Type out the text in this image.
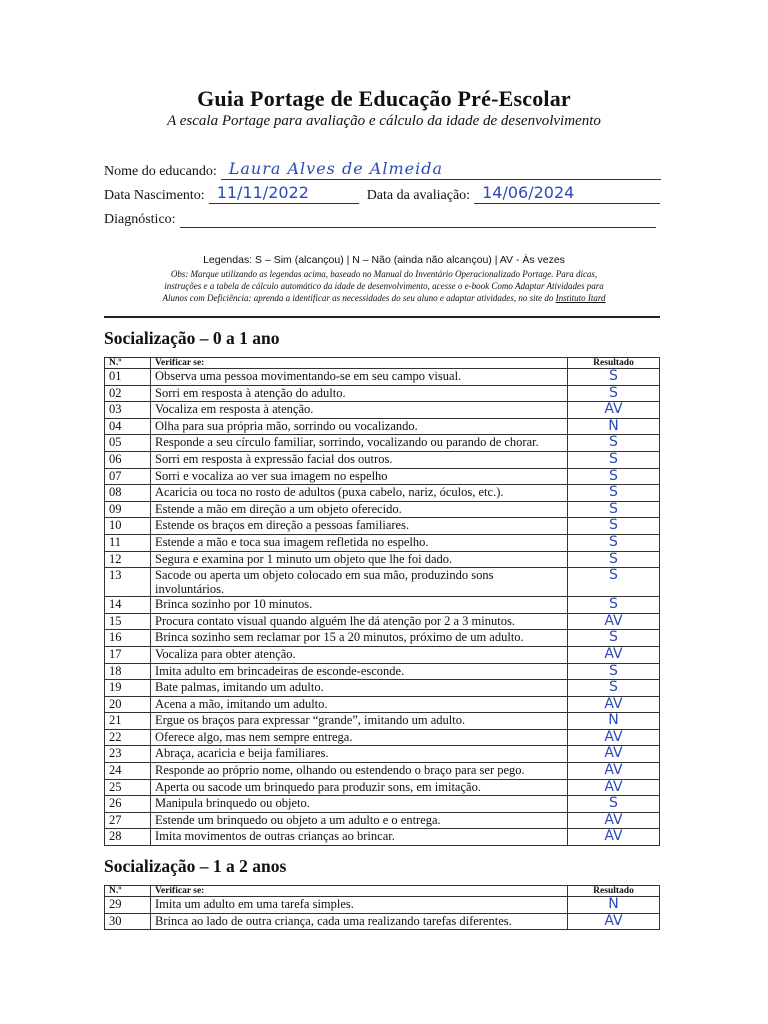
Guia Portage de Educação Pré-Escolar
A escala Portage para avaliação e cálculo da idade de desenvolvimento
Nome do educando: Laura Alves de Almeida
Data Nascimento: 11/11/2022	Data da avaliação: 14/06/2024
Diagnóstico:
Legendas: S – Sim (alcançou) | N – Não (ainda não alcançou) | AV - Às vezes
Obs: Marque utilizando as legendas acima, baseado no Manual do Inventário Operacionalizado Portage. Para dicas,
instruções e a tabela de cálculo automático da idade de desenvolvimento, acesse o e-book Como Adaptar Atividades para
Alunos com Deficiência: aprenda a identificar as necessidades do seu aluno e adaptar atividades, no site do Instituto Itard
Socialização – 0 a 1 ano
N.º	Verificar se:	Resultado
01	Observa uma pessoa movimentando-se em seu campo visual.	S
02	Sorri em resposta à atenção do adulto.	S
03	Vocaliza em resposta à atenção.	AV
04	Olha para sua própria mão, sorrindo ou vocalizando.	N
05	Responde a seu círculo familiar, sorrindo, vocalizando ou parando de chorar.	S
06	Sorri em resposta à expressão facial dos outros.	S
07	Sorri e vocaliza ao ver sua imagem no espelho	S
08	Acaricia ou toca no rosto de adultos (puxa cabelo, nariz, óculos, etc.).	S
09	Estende a mão em direção a um objeto oferecido.	S
10	Estende os braços em direção a pessoas familiares.	S
11	Estende a mão e toca sua imagem refletida no espelho.	S
12	Segura e examina por 1 minuto um objeto que lhe foi dado.	S
13	Sacode ou aperta um objeto colocado em sua mão, produzindo sons involuntários.	S
14	Brinca sozinho por 10 minutos.	S
15	Procura contato visual quando alguém lhe dá atenção por 2 a 3 minutos.	AV
16	Brinca sozinho sem reclamar por 15 a 20 minutos, próximo de um adulto.	S
17	Vocaliza para obter atenção.	AV
18	Imita adulto em brincadeiras de esconde-esconde.	S
19	Bate palmas, imitando um adulto.	S
20	Acena a mão, imitando um adulto.	AV
21	Ergue os braços para expressar “grande”, imitando um adulto.	N
22	Oferece algo, mas nem sempre entrega.	AV
23	Abraça, acaricia e beija familiares.	AV
24	Responde ao próprio nome, olhando ou estendendo o braço para ser pego.	AV
25	Aperta ou sacode um brinquedo para produzir sons, em imitação.	AV
26	Manipula brinquedo ou objeto.	S
27	Estende um brinquedo ou objeto a um adulto e o entrega.	AV
28	Imita movimentos de outras crianças ao brincar.	AV
Socialização – 1 a 2 anos
N.º	Verificar se:	Resultado
29	Imita um adulto em uma tarefa simples.	N
30	Brinca ao lado de outra criança, cada uma realizando tarefas diferentes.	AV
